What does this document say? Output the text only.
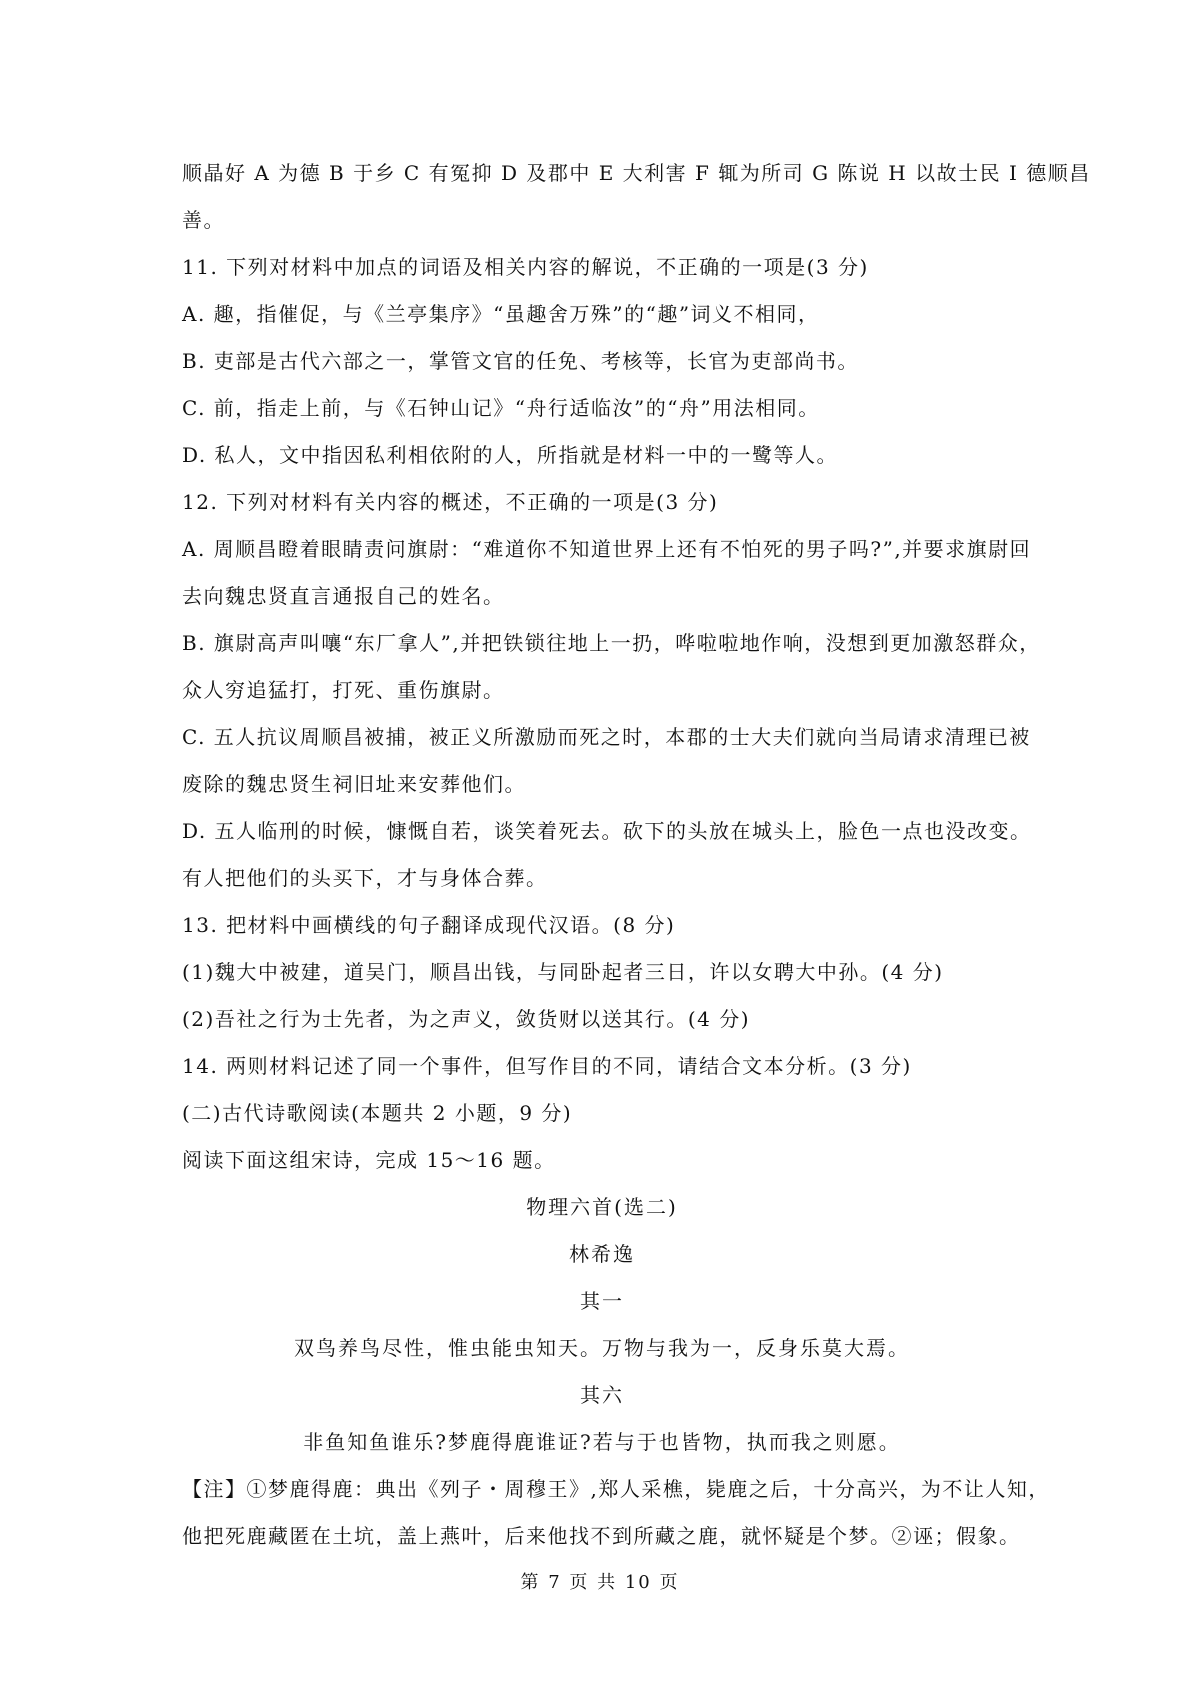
顺晶好 A 为德 B 于乡 C 有冤抑 D 及郡中 E 大利害 F 辄为所司 G 陈说 H 以故士民 I 德顺昌

善。

11. 下列对材料中加点的词语及相关内容的解说，不正确的一项是(3 分)

A. 趣，指催促，与《兰亭集序》“虽趣舍万殊”的“趣”词义不相同，

B. 吏部是古代六部之一，掌管文官的任免、考核等，长官为吏部尚书。

C. 前，指走上前，与《石钟山记》“舟行适临汝”的“舟”用法相同。

D. 私人，文中指因私利相依附的人，所指就是材料一中的一鹭等人。

12. 下列对材料有关内容的概述，不正确的一项是(3 分)

A. 周顺昌瞪着眼睛责问旗尉：“难道你不知道世界上还有不怕死的男子吗?”,并要求旗尉回

去向魏忠贤直言通报自己的姓名。

B. 旗尉高声叫嚷“东厂拿人”,并把铁锁往地上一扔，哗啦啦地作响，没想到更加激怒群众，

众人穷追猛打，打死、重伤旗尉。

C. 五人抗议周顺昌被捕，被正义所激励而死之时，本郡的士大夫们就向当局请求清理已被

废除的魏忠贤生祠旧址来安葬他们。

D. 五人临刑的时候，慷慨自若，谈笑着死去。砍下的头放在城头上，脸色一点也没改变。

有人把他们的头买下，才与身体合葬。

13. 把材料中画横线的句子翻译成现代汉语。(8 分)

(1)魏大中被建，道吴门，顺昌出钱，与同卧起者三日，许以女聘大中孙。(4 分)

(2)吾社之行为士先者，为之声义，敛货财以送其行。(4 分)

14. 两则材料记述了同一个事件，但写作目的不同，请结合文本分析。(3 分)

(二)古代诗歌阅读(本题共 2 小题，9 分)

阅读下面这组宋诗，完成 15～16 题。

物理六首(选二)

林希逸

其一

双鸟养鸟尽性，惟虫能虫知天。万物与我为一，反身乐莫大焉。

其六

非鱼知鱼谁乐?梦鹿得鹿谁证?若与于也皆物，执而我之则愿。

【注】①梦鹿得鹿：典出《列子・周穆王》,郑人采樵，毙鹿之后，十分高兴，为不让人知，

他把死鹿藏匿在土坑，盖上燕叶，后来他找不到所藏之鹿，就怀疑是个梦。②诬；假象。

第 7 页 共 10 页
